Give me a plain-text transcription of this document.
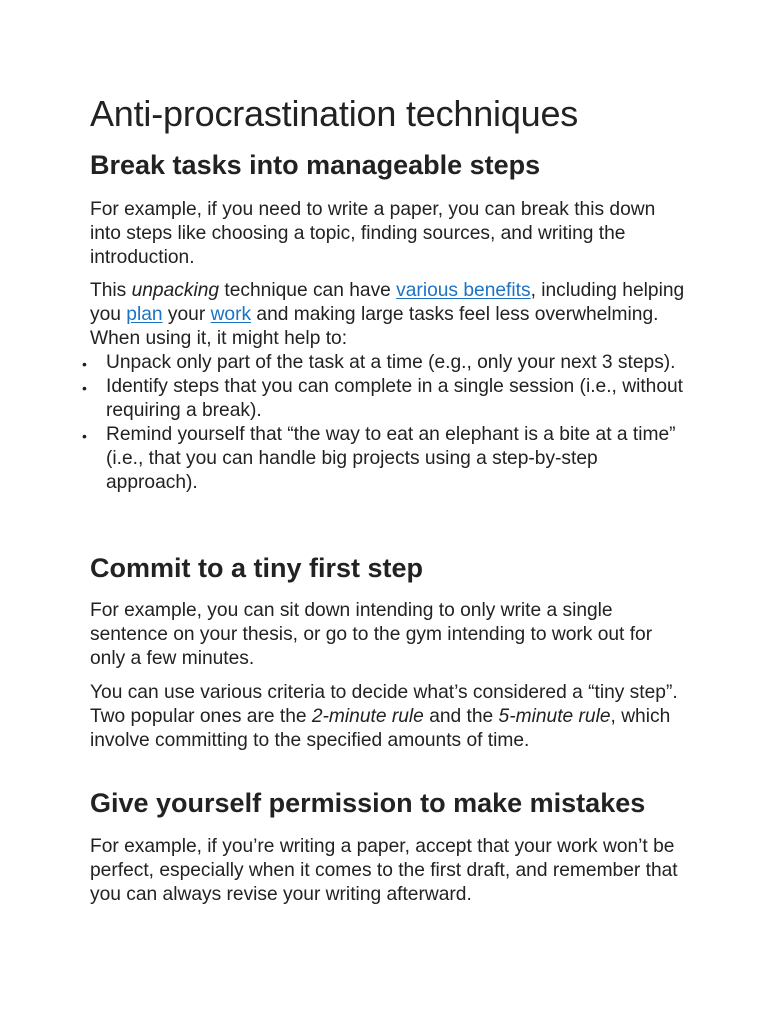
Anti-procrastination techniques
Break tasks into manageable steps

For example, if you need to write a paper, you can break this down into steps like choosing a topic, finding sources, and writing the introduction.

This unpacking technique can have various benefits, including helping you plan your work and making large tasks feel less overwhelming. When using it, it might help to:

• Unpack only part of the task at a time (e.g., only your next 3 steps).
• Identify steps that you can complete in a single session (i.e., without requiring a break).
• Remind yourself that “the way to eat an elephant is a bite at a time” (i.e., that you can handle big projects using a step-by-step approach).
Commit to a tiny first step

For example, you can sit down intending to only write a single sentence on your thesis, or go to the gym intending to work out for only a few minutes.

You can use various criteria to decide what’s considered a “tiny step”. Two popular ones are the 2-minute rule and the 5-minute rule, which involve committing to the specified amounts of time.

Give yourself permission to make mistakes

For example, if you’re writing a paper, accept that your work won’t be perfect, especially when it comes to the first draft, and remember that you can always revise your writing afterward.
